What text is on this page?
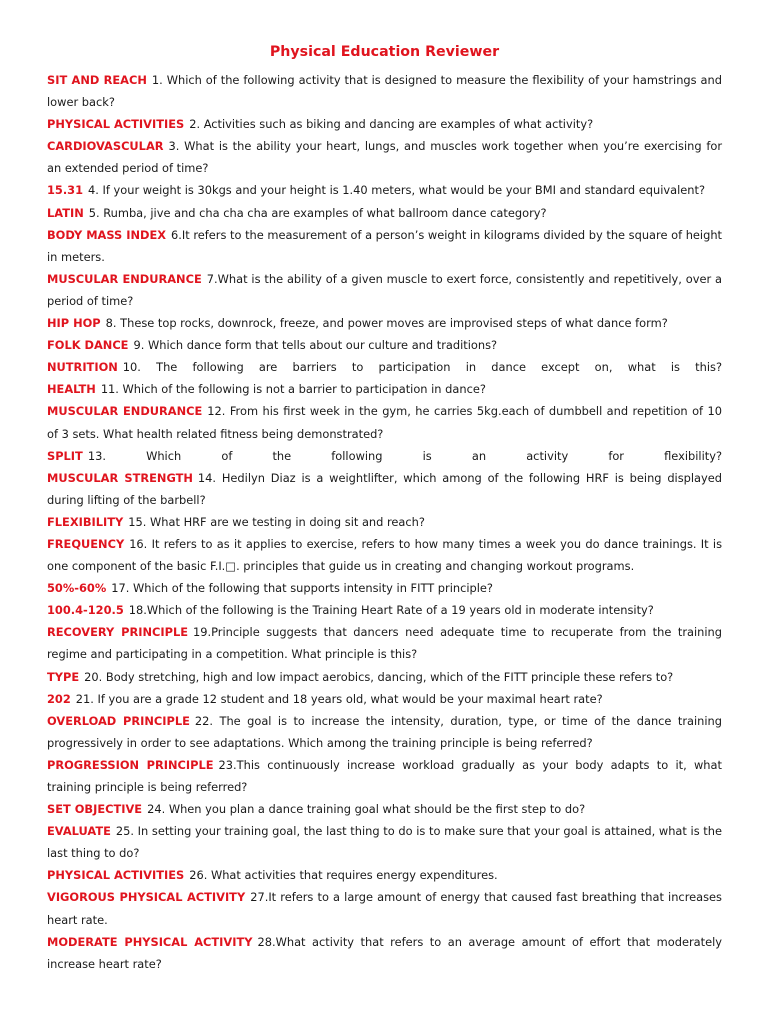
Physical Education Reviewer

SIT AND REACH 1. Which of the following activity that is designed to measure the flexibility of your hamstrings and lower back?

PHYSICAL ACTIVITIES 2. Activities such as biking and dancing are examples of what activity?

CARDIOVASCULAR 3. What is the ability your heart, lungs, and muscles work together when you’re exercising for an extended period of time?

15.31 4. If your weight is 30kgs and your height is 1.40 meters, what would be your BMI and standard equivalent?

LATIN 5. Rumba, jive and cha cha cha are examples of what ballroom dance category?

BODY MASS INDEX 6.It refers to the measurement of a person’s weight in kilograms divided by the square of height in meters.

MUSCULAR ENDURANCE 7.What is the ability of a given muscle to exert force, consistently and repetitively, over a period of time?

HIP HOP 8. These top rocks, downrock, freeze, and power moves are improvised steps of what dance form?

FOLK DANCE 9. Which dance form that tells about our culture and traditions?

NUTRITION 10. The following are barriers to participation in dance except on, what is this?

HEALTH 11. Which of the following is not a barrier to participation in dance?

MUSCULAR ENDURANCE 12. From his first week in the gym, he carries 5kg.each of dumbbell and repetition of 10 of 3 sets. What health related fitness being demonstrated?

SPLIT 13. Which of the following is an activity for flexibility?

MUSCULAR STRENGTH 14. Hedilyn Diaz is a weightlifter, which among of the following HRF is being displayed during lifting of the barbell?

FLEXIBILITY 15. What HRF are we testing in doing sit and reach?

FREQUENCY 16. It refers to as it applies to exercise, refers to how many times a week you do dance trainings. It is one component of the basic F.I.□. principles that guide us in creating and changing workout programs.

50%-60% 17. Which of the following that supports intensity in FITT principle?

100.4-120.5 18.Which of the following is the Training Heart Rate of a 19 years old in moderate intensity?

RECOVERY PRINCIPLE 19.Principle suggests that dancers need adequate time to recuperate from the training regime and participating in a competition. What principle is this?

TYPE 20. Body stretching, high and low impact aerobics, dancing, which of the FITT principle these refers to?

202 21. If you are a grade 12 student and 18 years old, what would be your maximal heart rate?

OVERLOAD PRINCIPLE 22. The goal is to increase the intensity, duration, type, or time of the dance training progressively in order to see adaptations. Which among the training principle is being referred?

PROGRESSION PRINCIPLE 23.This continuously increase workload gradually as your body adapts to it, what training principle is being referred?

SET OBJECTIVE 24. When you plan a dance training goal what should be the first step to do?

EVALUATE 25. In setting your training goal, the last thing to do is to make sure that your goal is attained, what is the last thing to do?

PHYSICAL ACTIVITIES 26. What activities that requires energy expenditures.

VIGOROUS PHYSICAL ACTIVITY 27.It refers to a large amount of energy that caused fast breathing that increases heart rate.

MODERATE PHYSICAL ACTIVITY 28.What activity that refers to an average amount of effort that moderately increase heart rate?
